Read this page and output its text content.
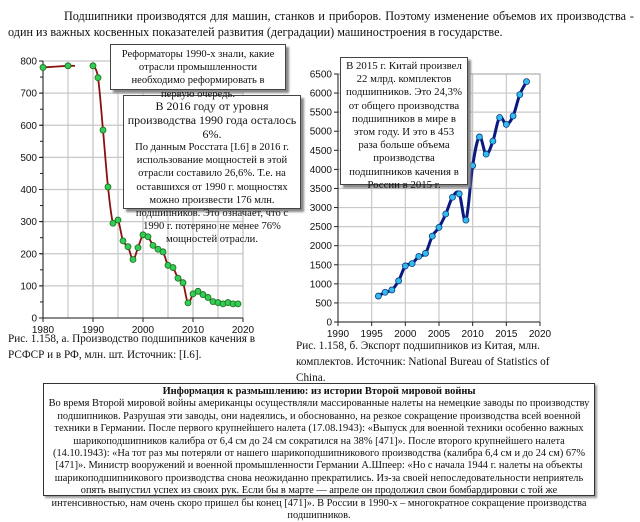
Подшипники производятся для машин, станков и приборов. Поэтому изменение объемов их производства - один из важных косвенных показателей развития (деградации) машиностроения в государстве.
0
100
200
300
400
500
600
700
800
1980	1990	2000	2010	2020
0
500
1000
1500
2000
2500
3000
3500
4000
4500
5000
5500
6000
6500
1990 1995 2000 2005 2010 2015 2020
В 2016 году от уровня производства 1990 года осталось 6%.
По данным Росстата [I.6] в 2016 г. использование мощностей в этой отрасли составило 26,6%. Т.е. на оставшихся от 1990 г. мощностях можно произвести 176 млн. подшипников. Это означает, что с 1990 г. потеряно не менее 76% мощностей отрасли.
Реформаторы 1990-х знали, какие отрасли промышленности необходимо реформировать в первую очередь.
В 2015 г. Китай произвел 22 млрд. комплектов подшипников. Это 24,3% от общего производства подшипников в мире в этом году. И это в 453 раза больше объема производства подшипников качения в России в 2015 г.
Рис. 1.158, а. Производство подшипников качения в РСФСР и в РФ, млн. шт. Источник: [I.6].
Рис. 1.158, б. Экспорт подшипников из Китая, млн. комплектов. Источник: National Bureau of Statistics of China.
Информация к размышлению: из истории Второй мировой войны
Во время Второй мировой войны американцы осуществляли массированные налеты на немецкие заводы по производству подшипников. Разрушая эти заводы, они надеялись, и обоснованно, на резкое сокращение производства всей военной техники в Германии. После первого крупнейшего налета (17.08.1943): «Выпуск для военной техники особенно важных шарикоподшипников калибра от 6,4 см до 24 см сократился на 38% [471]». После второго крупнейшего налета (14.10.1943): «На тот раз мы потеряли от нашего шарикоподшипникового производства (калибра 6,4 см и до 24 см) 67% [471]». Министр вооружений и военной промышленности Германии А.Шпеер: «Но с начала 1944 г. налеты на объекты шарикоподшипникового производства снова неожиданно прекратились. Из-за своей непоследовательности неприятель опять выпустил успех из своих рук. Если бы в марте — апреле он продолжил свои бомбардировки с той же интенсивностью, нам очень скоро пришел бы конец [471]». В России в 1990-х – многократное сокращение производства подшипников.
